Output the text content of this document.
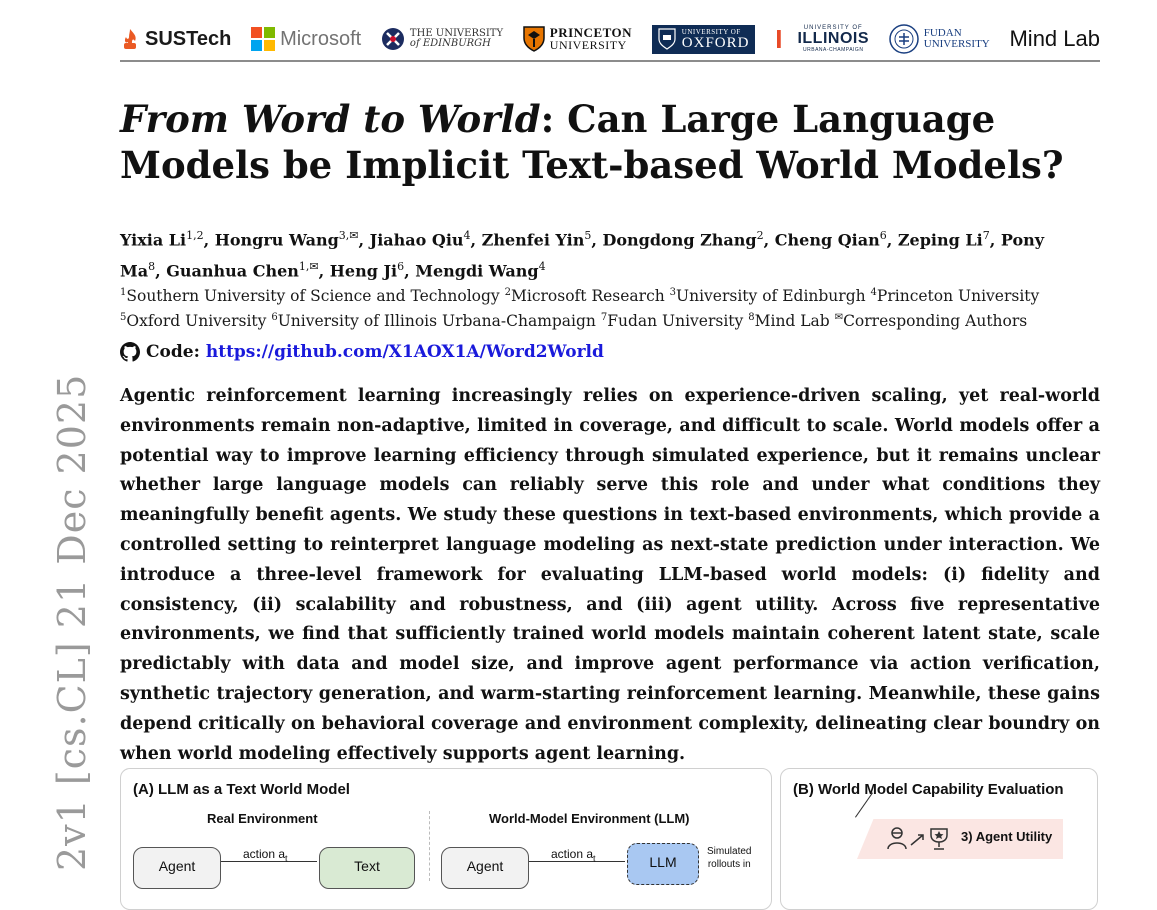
SUSTech Microsoft	THE UNIVERSITY
of EDINBURGH
PRINCETON
UNIVERSITY
UNIVERSITY OF
OXFORD I	UNIVERSITY OF
ILLINOIS
URBANA-CHAMPAIGN
FUDAN
UNIVERSITY Mind Lab
From Word to World: Can Large Language Models be Implicit Text-based World Models?
Yixia Li$^{1,2}$, Hongru Wang$^{3,✉}$, Jiahao Qiu$^4$, Zhenfei Yin$^5$, Dongdong Zhang$^2$, Cheng Qian$^6$, Zeping Li$^7$, Pony Ma$^8$, Guanhua Chen$^{1,✉}$, Heng Ji$^6$, Mengdi Wang$^4$
$^1$Southern University of Science and Technology $^2$Microsoft Research $^3$University of Edinburgh $^4$Princeton University
$^5$Oxford University $^6$University of Illinois Urbana-Champaign $^7$Fudan University $^8$Mind Lab ✉Corresponding Authors
Code: https://github.com/X1AOX1A/Word2World

Agentic reinforcement learning increasingly relies on experience-driven scaling, yet real-world environments remain non-adaptive, limited in coverage, and difficult to scale. World models offer a potential way to improve learning efficiency through simulated experience, but it remains unclear whether large language models can reliably serve this role and under what conditions they meaningfully benefit agents. We study these questions in text-based environments, which provide a controlled setting to reinterpret language modeling as next-state prediction under interaction. We introduce a three-level framework for evaluating LLM-based world models: (i) fidelity and consistency, (ii) scalability and robustness, and (iii) agent utility. Across five representative environments, we find that sufficiently trained world models maintain coherent latent state, scale predictably with data and model size, and improve agent performance via action verification, synthetic trajectory generation, and warm-starting reinforcement learning. Meanwhile, these gains depend critically on behavioral coverage and environment complexity, delineating clear boundry on when world modeling effectively supports agent learning.

2v1 [cs.CL] 21 Dec 2025	(A) LLM as a Text World Model
Real Environment	World-Model Environment (LLM)
Agent
action $a_t$	Text	Agent
action $a_t$	LLM
Simulated
rollouts in
(B) World Model Capability Evaluation
3) Agent Utility
